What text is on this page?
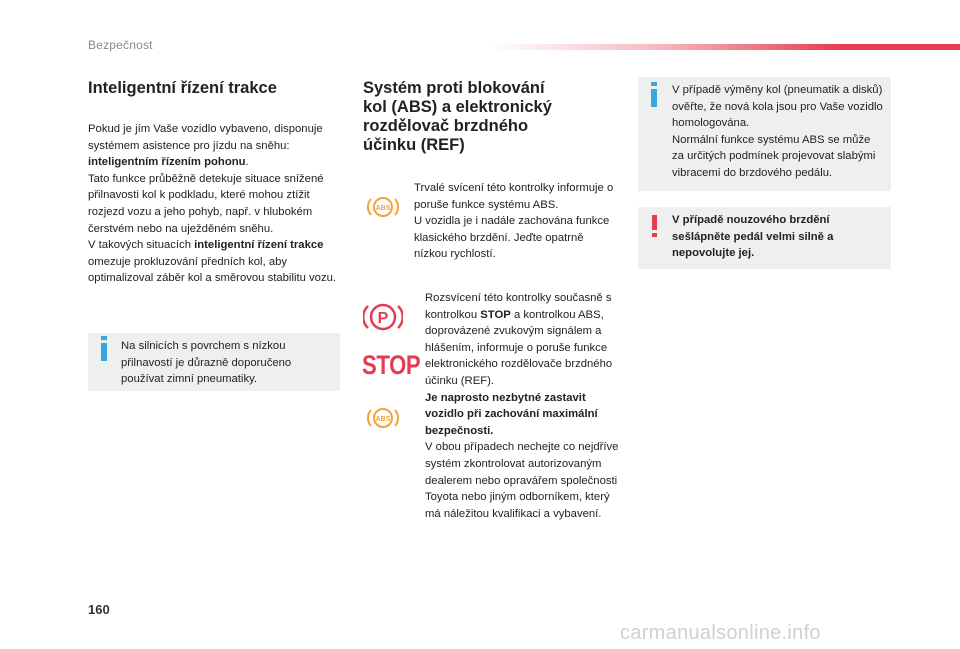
Bezpečnost
Inteligentní řízení trakce
Pokud je jím Vaše vozidlo vybaveno, disponuje systémem asistence pro jízdu na sněhu:
inteligentním řízením pohonu.
Tato funkce průběžně detekuje situace snížené přilnavosti kol k podkladu, které mohou ztížit rozjezd vozu a jeho pohyb, např. v hlubokém čerstvém nebo na uježděném sněhu.
V takových situacích inteligentní řízení trakce omezuje prokluzování předních kol, aby optimalizoval záběr kol a směrovou stabilitu vozu.
Na silnicích s povrchem s nízkou přilnavostí je důrazně doporučeno používat zimní pneumatiky.
Systém proti blokování
kol (ABS) a elektronický
rozdělovač brzdného
účinku (REF)
ABS
Trvalé svícení této kontrolky informuje o poruše funkce systému ABS.
U vozidla je i nadále zachována funkce klasického brzdění. Jeďte opatrně nízkou rychlostí.
P
STOP
ABS
Rozsvícení této kontrolky současně s kontrolkou STOP a kontrolkou ABS, doprovázené zvukovým signálem a hlášením, informuje o poruše funkce elektronického rozdělovače brzdného účinku (REF).
Je naprosto nezbytné zastavit vozidlo při zachování maximální bezpečnosti.
V obou případech nechejte co nejdříve systém zkontrolovat autorizovaným dealerem nebo opravářem společnosti Toyota nebo jiným odborníkem, který má náležitou kvalifikaci a vybavení.
V případě výměny kol (pneumatik a disků) ověřte, že nová kola jsou pro Vaše vozidlo homologována.
Normální funkce systému ABS se může za určitých podmínek projevovat slabými vibracemi do brzdového pedálu.
V případě nouzového brzdění sešlápněte pedál velmi silně a nepovolujte jej.
160
carmanualsonline.info
